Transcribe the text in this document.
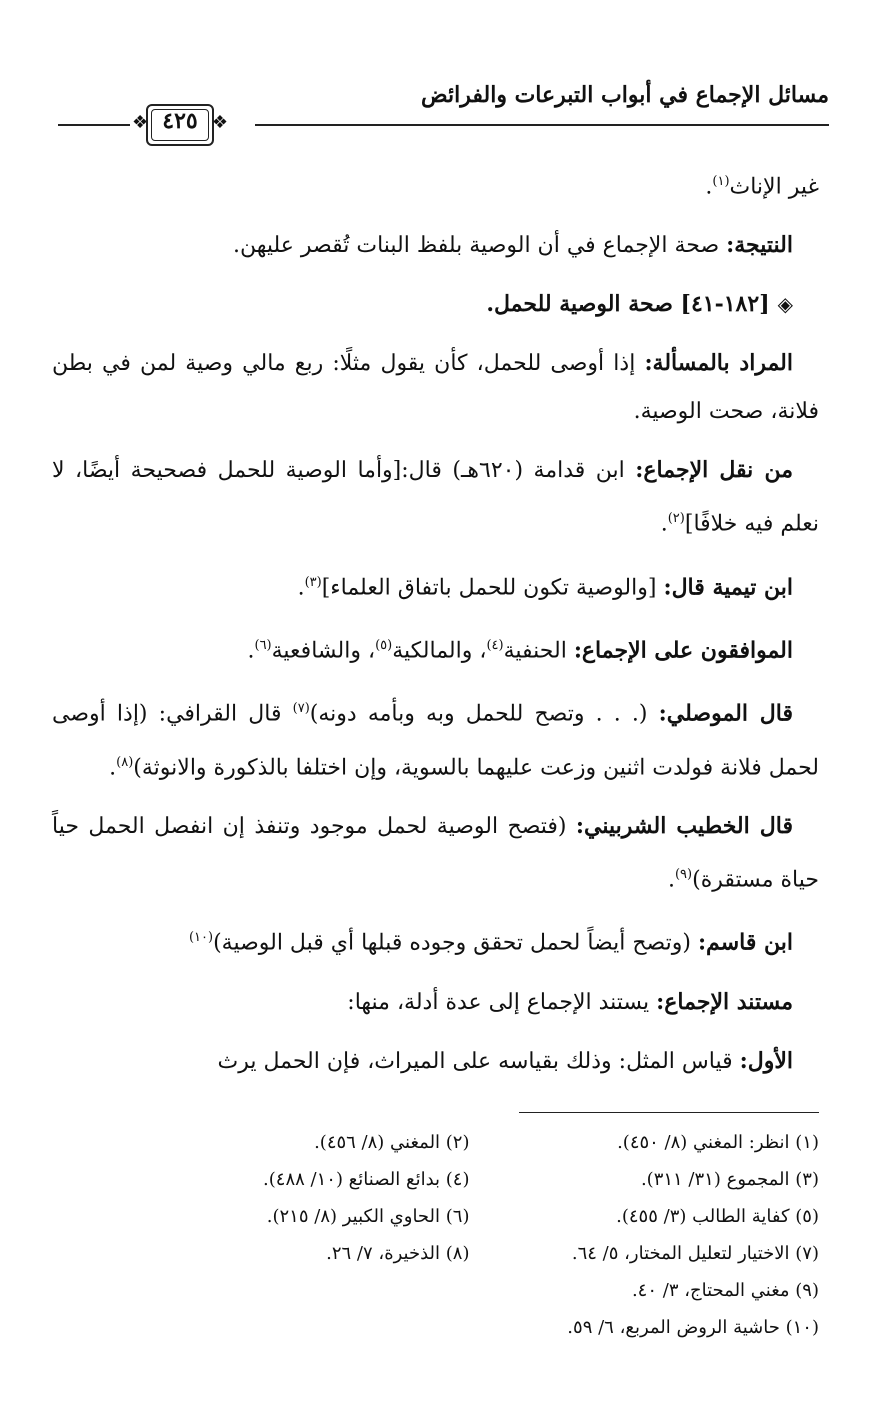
مسائل الإجماع في أبواب التبرعات والفرائض
❖ ٤٢٥ ❖

غير الإناث$^{(١)}$.

النتيجة: صحة الإجماع في أن الوصية بلفظ البنات تُقصر عليهن.

◈[١٨٢-٤١] صحة الوصية للحمل.

المراد بالمسألة: إذا أوصى للحمل، كأن يقول مثلًا: ربع مالي وصية لمن في بطن فلانة، صحت الوصية.

من نقل الإجماع: ابن قدامة (٦٢٠هـ) قال:[وأما الوصية للحمل فصحيحة أيضًا، لا نعلم فيه خلافًا]$^{(٢)}$.

ابن تيمية قال: [والوصية تكون للحمل باتفاق العلماء]$^{(٣)}$.

الموافقون على الإجماع: الحنفية$^{(٤)}$، والمالكية$^{(٥)}$، والشافعية$^{(٦)}$.

قال الموصلي: (. . . وتصح للحمل وبه وبأمه دونه)$^{(٧)}$ قال القرافي: (إذا أوصى لحمل فلانة فولدت اثنين وزعت عليهما بالسوية، وإن اختلفا بالذكورة والانوثة)$^{(٨)}$.

قال الخطيب الشربيني: (فتصح الوصية لحمل موجود وتنفذ إن انفصل الحمل حياً حياة مستقرة)$^{(٩)}$.

ابن قاسم: (وتصح أيضاً لحمل تحقق وجوده قبلها أي قبل الوصية)$^{(١٠)}$

مستند الإجماع: يستند الإجماع إلى عدة أدلة، منها:

الأول: قياس المثل: وذلك بقياسه على الميراث، فإن الحمل يرث

(١) انظر: المغني (٨/ ٤٥٠).
(٢) المغني (٨/ ٤٥٦).
(٣) المجموع (٣١/ ٣١١).
(٤) بدائع الصنائع (١٠/ ٤٨٨).
(٥) كفاية الطالب (٣/ ٤٥٥).
(٦) الحاوي الكبير (٨/ ٢١٥).
(٧) الاختيار لتعليل المختار، ٥/ ٦٤.
(٨) الذخيرة، ٧/ ٢٦.
(٩) مغني المحتاج، ٣/ ٤٠.
(١٠) حاشية الروض المربع، ٦/ ٥٩.
